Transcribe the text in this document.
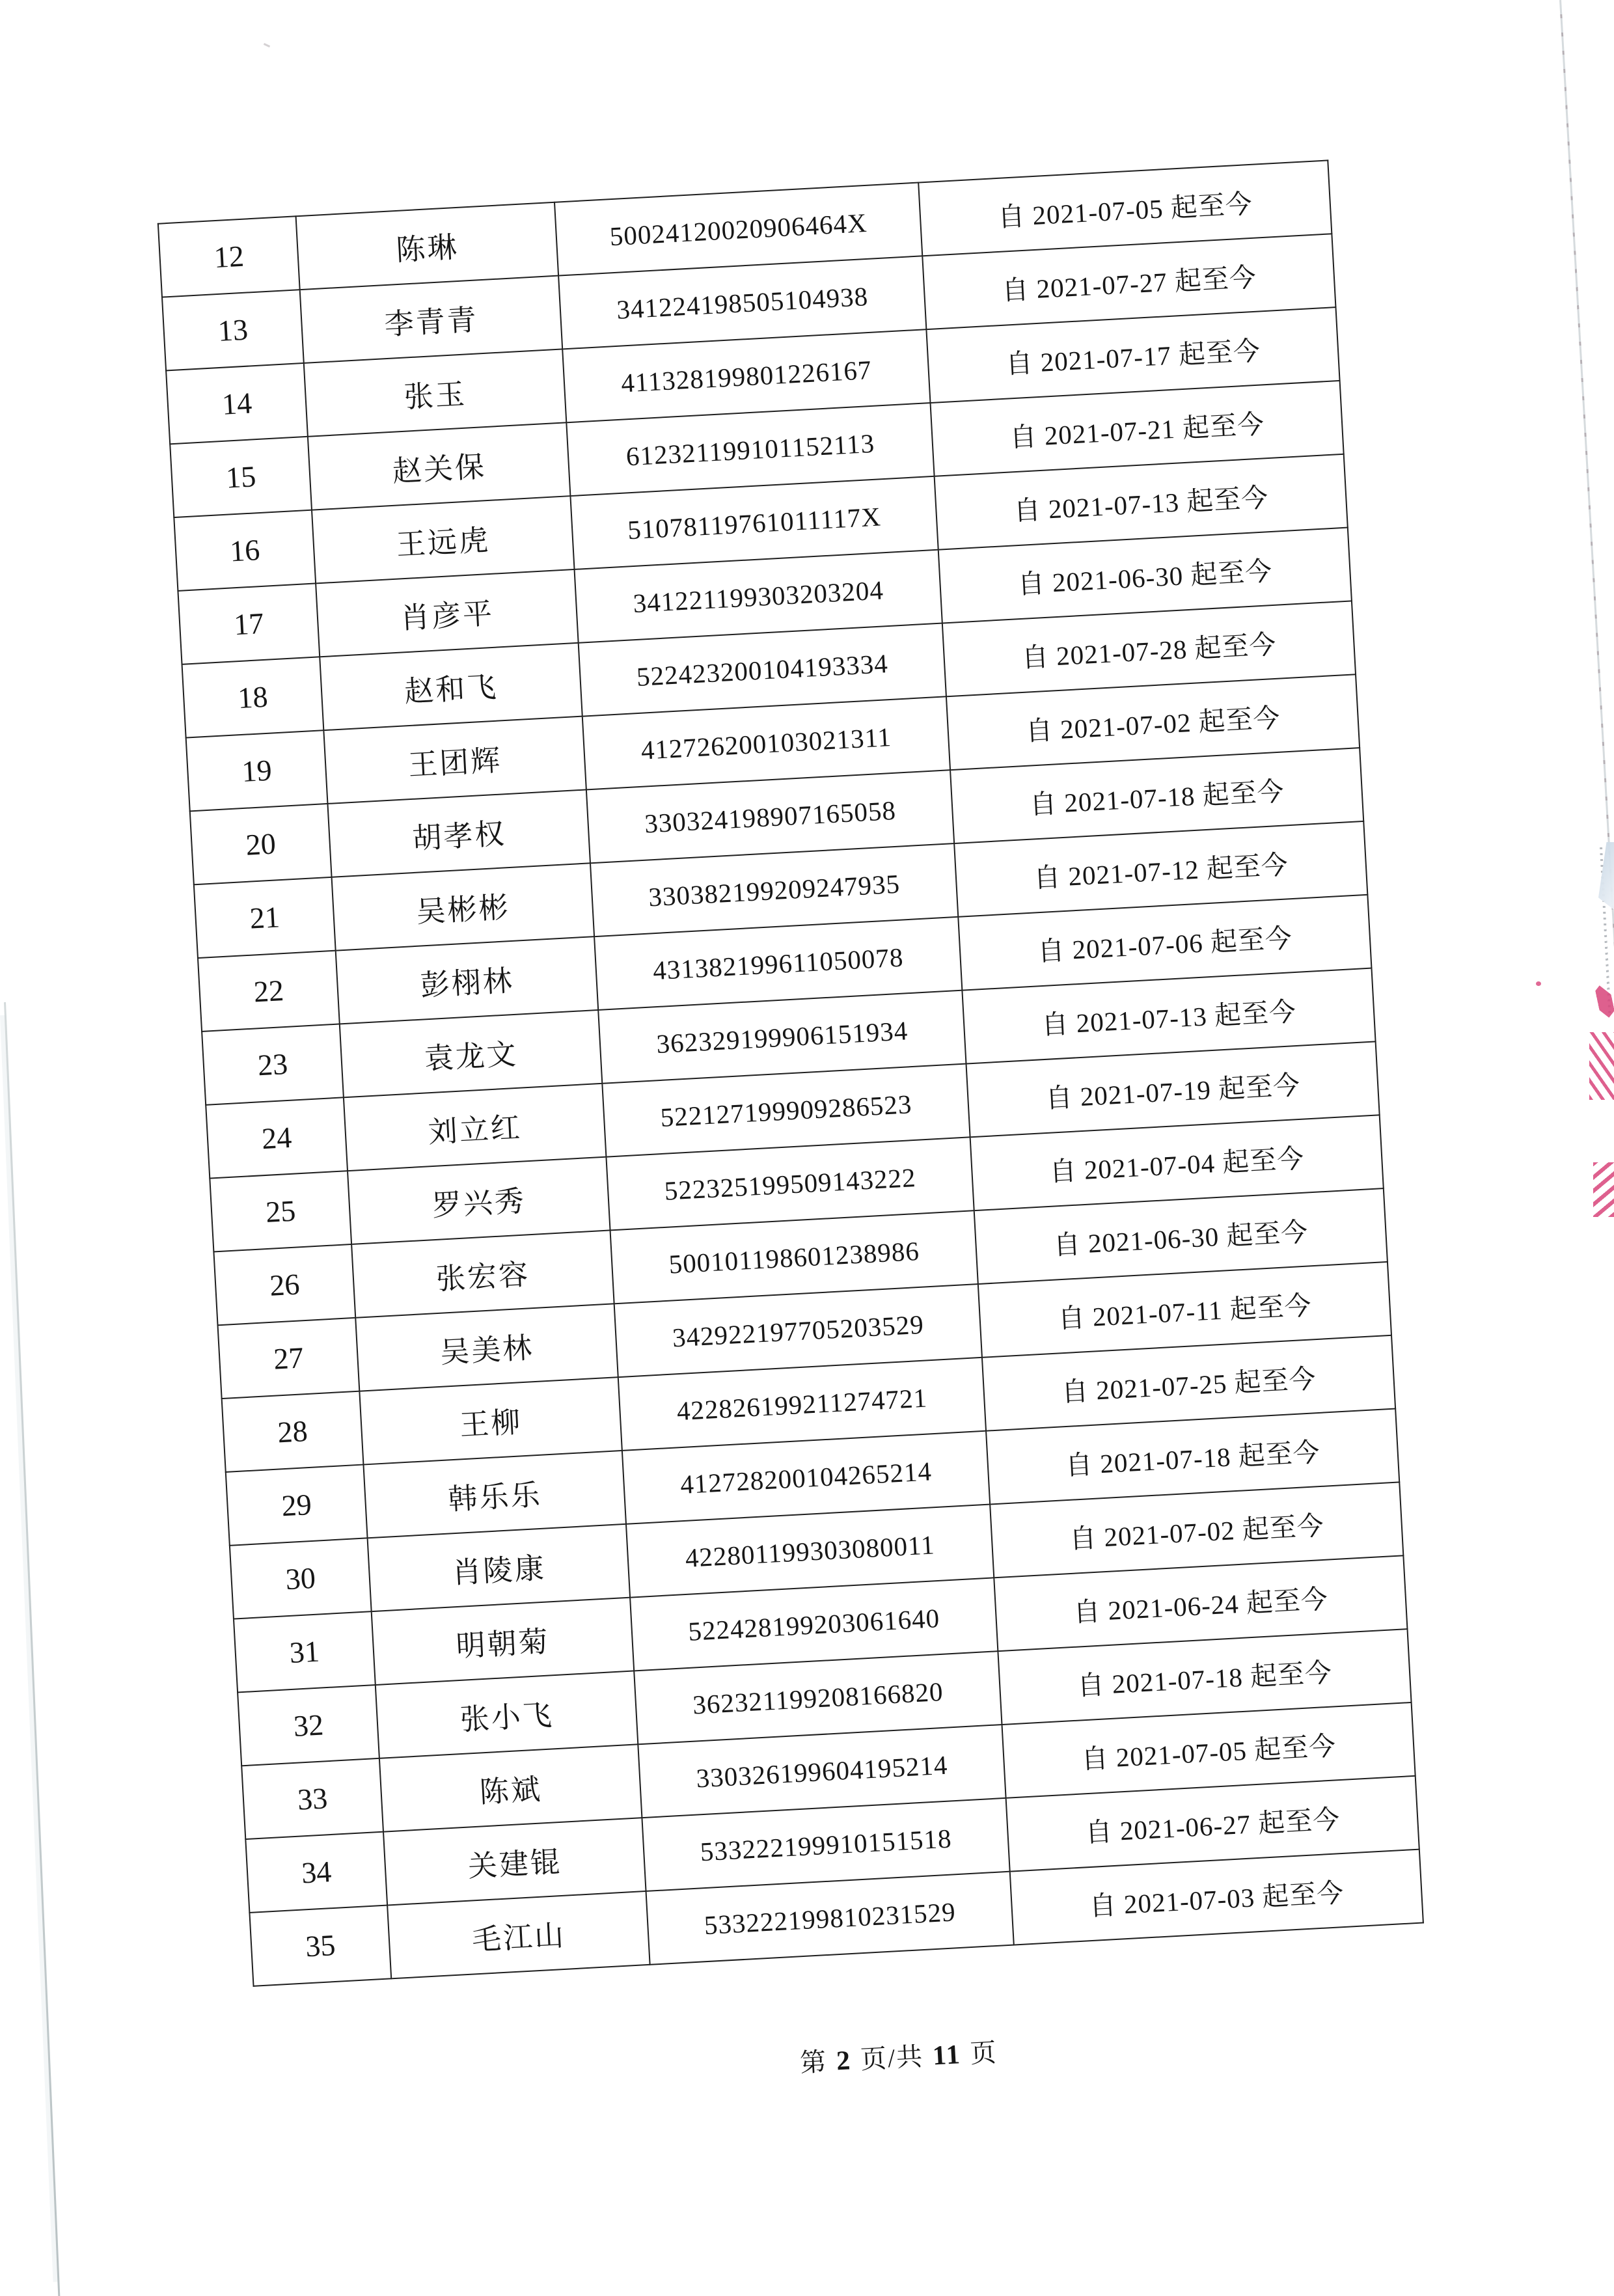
12	陈琳	50024120020906464X	自 2021-07-05 起至今
13	李青青	341224198505104938	自 2021-07-27 起至今
14	张玉	411328199801226167	自 2021-07-17 起至今
15	赵关保	612321199101152113	自 2021-07-21 起至今
16	王远虎	51078119761011117X	自 2021-07-13 起至今
17	肖彦平	341221199303203204	自 2021-06-30 起至今
18	赵和飞	522423200104193334	自 2021-07-28 起至今
19	王团辉	412726200103021311	自 2021-07-02 起至今
20	胡孝权	330324198907165058	自 2021-07-18 起至今
21	吴彬彬	330382199209247935	自 2021-07-12 起至今
22	彭栩林	431382199611050078	自 2021-07-06 起至今
23	袁龙文	362329199906151934	自 2021-07-13 起至今
24	刘立红	522127199909286523	自 2021-07-19 起至今
25	罗兴秀	522325199509143222	自 2021-07-04 起至今
26	张宏容	500101198601238986	自 2021-06-30 起至今
27	吴美林	342922197705203529	自 2021-07-11 起至今
28	王柳	422826199211274721	自 2021-07-25 起至今
29	韩乐乐	412728200104265214	自 2021-07-18 起至今
30	肖陵康	422801199303080011	自 2021-07-02 起至今
31	明朝菊	522428199203061640	自 2021-06-24 起至今
32	张小飞	362321199208166820	自 2021-07-18 起至今
33	陈斌	330326199604195214	自 2021-07-05 起至今
34	关建锟	533222199910151518	自 2021-06-27 起至今
35	毛江山	533222199810231529	自 2021-07-03 起至今
第 2 页/共 11 页
